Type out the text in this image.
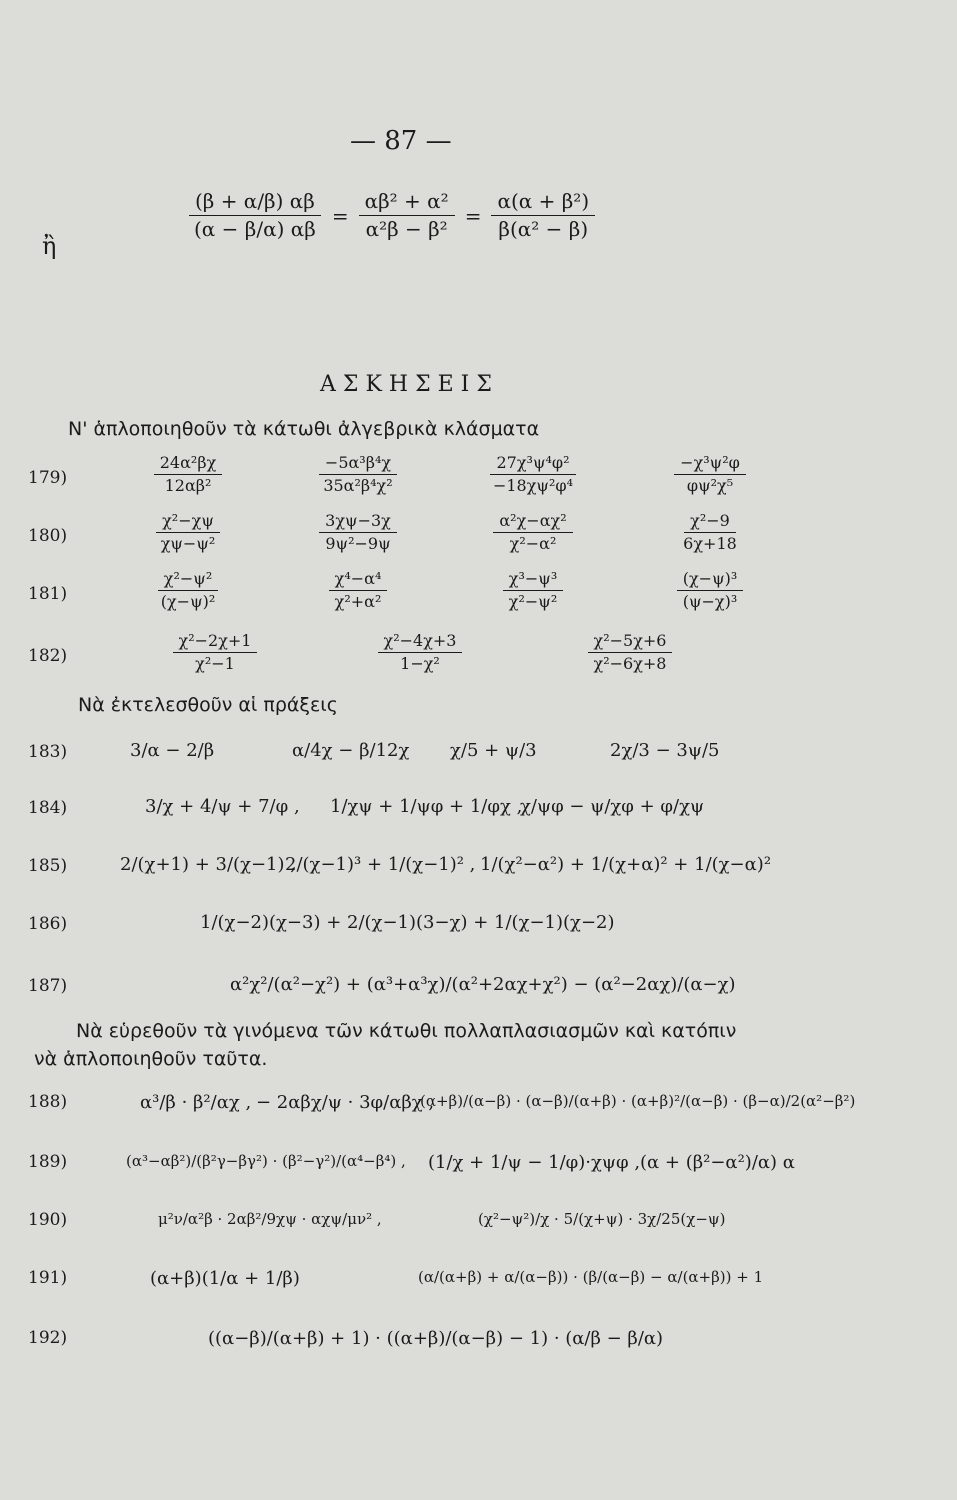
— 87 —
ἢ
$\frac{(\beta + \alpha/\beta) \alpha\beta}{(\alpha - \beta/\alpha) \alpha\beta} = \frac{\text{αβ² + α²}}{\text{α²β − β²}} = \frac{\text{α(α + β²)}}{\text{β(α² − β)}}$
ΑΣΚΗΣΕΙΣ
Ν' ἁπλοποιηθοῦν τὰ κάτωθι ἀλγεβρικὰ κλάσματα
179)	$\frac{\text{24α²βχ}}{\text{12αβ²}}$	$\frac{\text{−5α³β⁴χ}}{\text{35α²β⁴χ²}}$	$\frac{\text{27χ³ψ⁴φ²}}{\text{−18χψ²φ⁴}}$	$\frac{\text{−χ³ψ²φ}}{\text{φψ²χ⁵}}$
180)	$\frac{\text{χ²−χψ}}{\text{χψ−ψ²}}$	$\frac{3\chi\psi-3\chi}{\text{9ψ²−9ψ}}$	$\frac{\text{α²χ−αχ²}}{\text{χ²−α²}}$	$\frac{\text{χ²−9}}{6\chi+18}$
181)	$\frac{\text{χ²−ψ²}}{\text{(χ−ψ)²}}$	$\frac{\text{χ⁴−α⁴}}{\text{χ²+α²}}$	$\frac{\text{χ³−ψ³}}{\text{χ²−ψ²}}$	$\frac{\text{(χ−ψ)³}}{\text{(ψ−χ)³}}$
182)	$\frac{\text{χ²−2χ+1}}{\text{χ²−1}}$	$\frac{\text{χ²−4χ+3}}{\text{1−χ²}}$	$\frac{\text{χ²−5χ+6}}{\text{χ²−6χ+8}}$
Νὰ ἐκτελεσθοῦν αἱ πράξεις
183)	3/α − 2/β	α/4χ − β/12χ χ/5 + ψ/3	2χ/3 − 3ψ/5
184)	3/χ + 4/ψ + 7/φ , 1/χψ + 1/ψφ + 1/φχ ,
χ/ψφ − ψ/χφ + φ/χψ
185)	2/(χ+1) + 3/(χ−1) ,
2/(χ−1)³ + 1/(χ−1)² , 1/(χ²−α²) + 1/(χ+α)² + 1/(χ−α)²
186)	1/(χ−2)(χ−3) + 2/(χ−1)(3−χ) + 1/(χ−1)(χ−2)
187)	α²χ²/(α²−χ²) + (α³+α³χ)/(α²+2αχ+χ²) − (α²−2αχ)/(α−χ)
Νὰ εὑρεθοῦν τὰ γινόμενα τῶν κάτωθι πολλαπλασιασμῶν καὶ κατόπιν
νὰ ἁπλοποιηθοῦν ταῦτα.
188)	α³/β · β²/αχ , − 2αβχ/ψ · 3φ/αβχ ,
(α+β)/(α−β) · (α−β)/(α+β) · (α+β)²/(α−β) · (β−α)/2(α²−β²)
189)	(α³−αβ²)/(β²γ−βγ²) · (β²−γ²)/(α⁴−β⁴) , (1/χ + 1/ψ − 1/φ)·χψφ , (α + (β²−α²)/α) α
190)	μ²ν/α²β · 2αβ²/9χψ · αχψ/μν² ,	(χ²−ψ²)/χ · 5/(χ+ψ) · 3χ/25(χ−ψ)
191)	(α+β)(1/α + 1/β)	(α/(α+β) + α/(α−β)) · (β/(α−β) − α/(α+β)) + 1
192)	((α−β)/(α+β) + 1) · ((α+β)/(α−β) − 1) · (α/β − β/α)
